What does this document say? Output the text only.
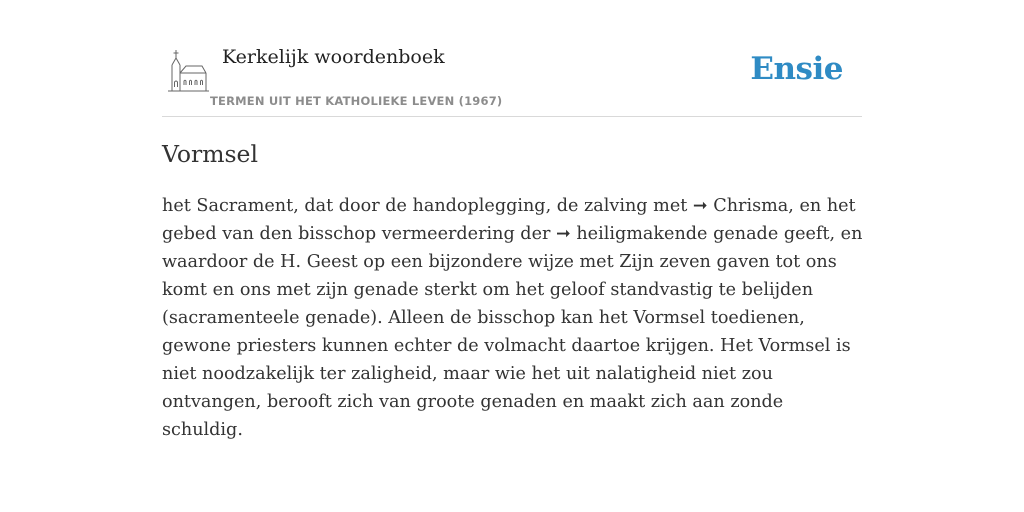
Kerkelijk woordenboek
TERMEN UIT HET KATHOLIEKE LEVEN (1967)
Ensie
Vormsel

het Sacrament, dat door de handoplegging, de zalving met ➞ Chrisma, en het gebed van den bisschop vermeerdering der ➞ heiligmakende genade geeft, en waardoor de H. Geest op een bijzondere wijze met Zijn zeven gaven tot ons komt en ons met zijn genade sterkt om het geloof standvastig te belijden (sacramenteele genade). Alleen de bisschop kan het Vormsel toedienen, gewone priesters kunnen echter de volmacht daartoe krijgen. Het Vormsel is niet noodzakelijk ter zaligheid, maar wie het uit nalatigheid niet zou ontvangen, berooft zich van groote genaden en maakt zich aan zonde schuldig.
